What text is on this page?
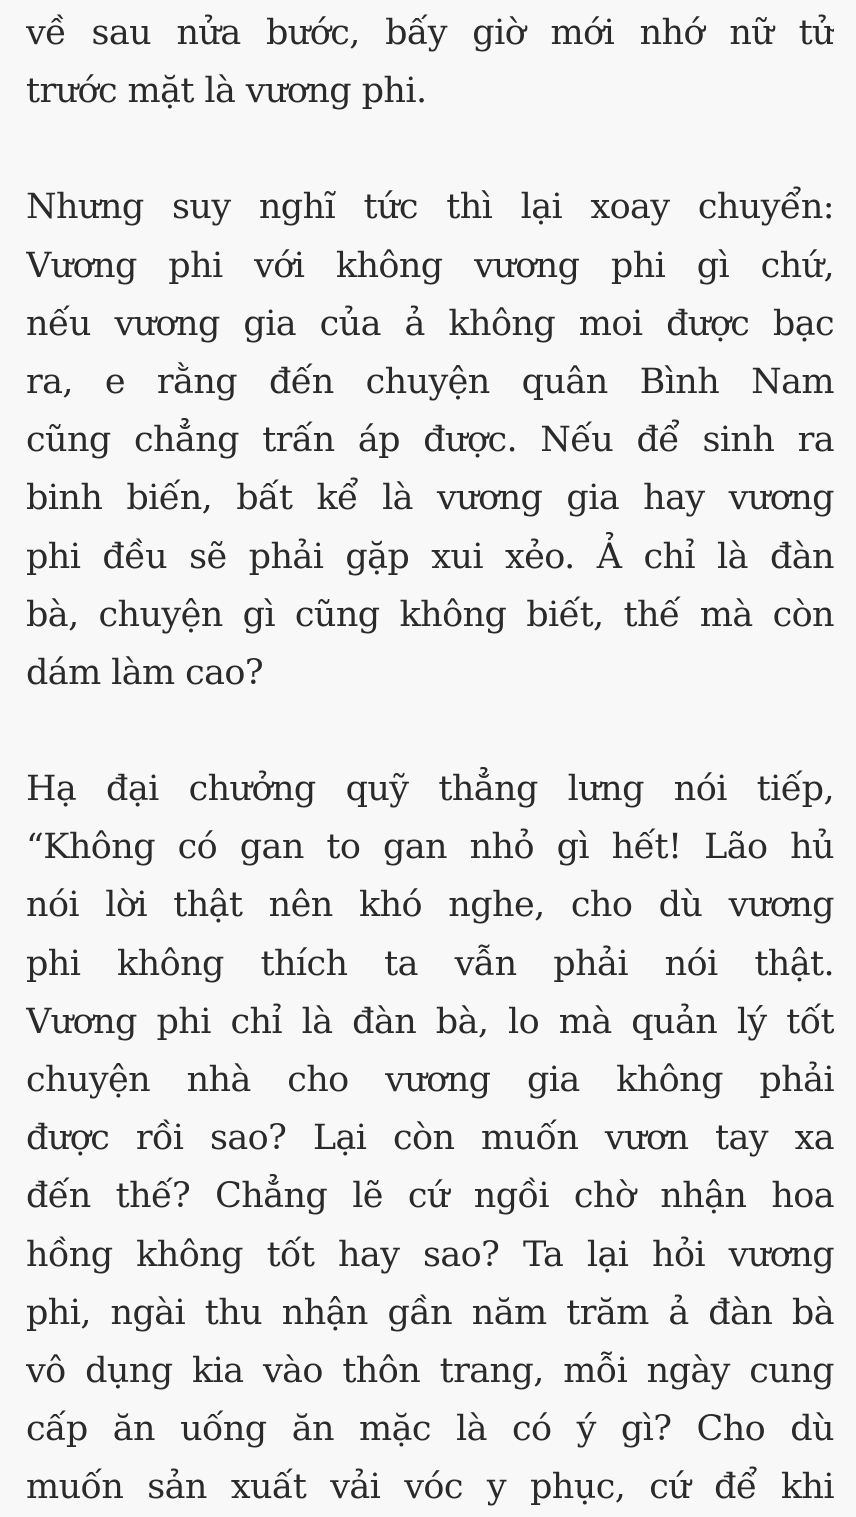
về sau nửa bước, bấy giờ mới nhớ nữ tử
trước mặt là vương phi.
Nhưng suy nghĩ tức thì lại xoay chuyển:
Vương phi với không vương phi gì chứ,
nếu vương gia của ả không moi được bạc
ra, e rằng đến chuyện quân Bình Nam
cũng chẳng trấn áp được. Nếu để sinh ra
binh biến, bất kể là vương gia hay vương
phi đều sẽ phải gặp xui xẻo. Ả chỉ là đàn
bà, chuyện gì cũng không biết, thế mà còn
dám làm cao?
Hạ đại chưởng quỹ thẳng lưng nói tiếp,
“Không có gan to gan nhỏ gì hết! Lão hủ
nói lời thật nên khó nghe, cho dù vương
phi không thích ta vẫn phải nói thật.
Vương phi chỉ là đàn bà, lo mà quản lý tốt
chuyện nhà cho vương gia không phải
được rồi sao? Lại còn muốn vươn tay xa
đến thế? Chẳng lẽ cứ ngồi chờ nhận hoa
hồng không tốt hay sao? Ta lại hỏi vương
phi, ngài thu nhận gần năm trăm ả đàn bà
vô dụng kia vào thôn trang, mỗi ngày cung
cấp ăn uống ăn mặc là có ý gì? Cho dù
muốn sản xuất vải vóc y phục, cứ để khi
